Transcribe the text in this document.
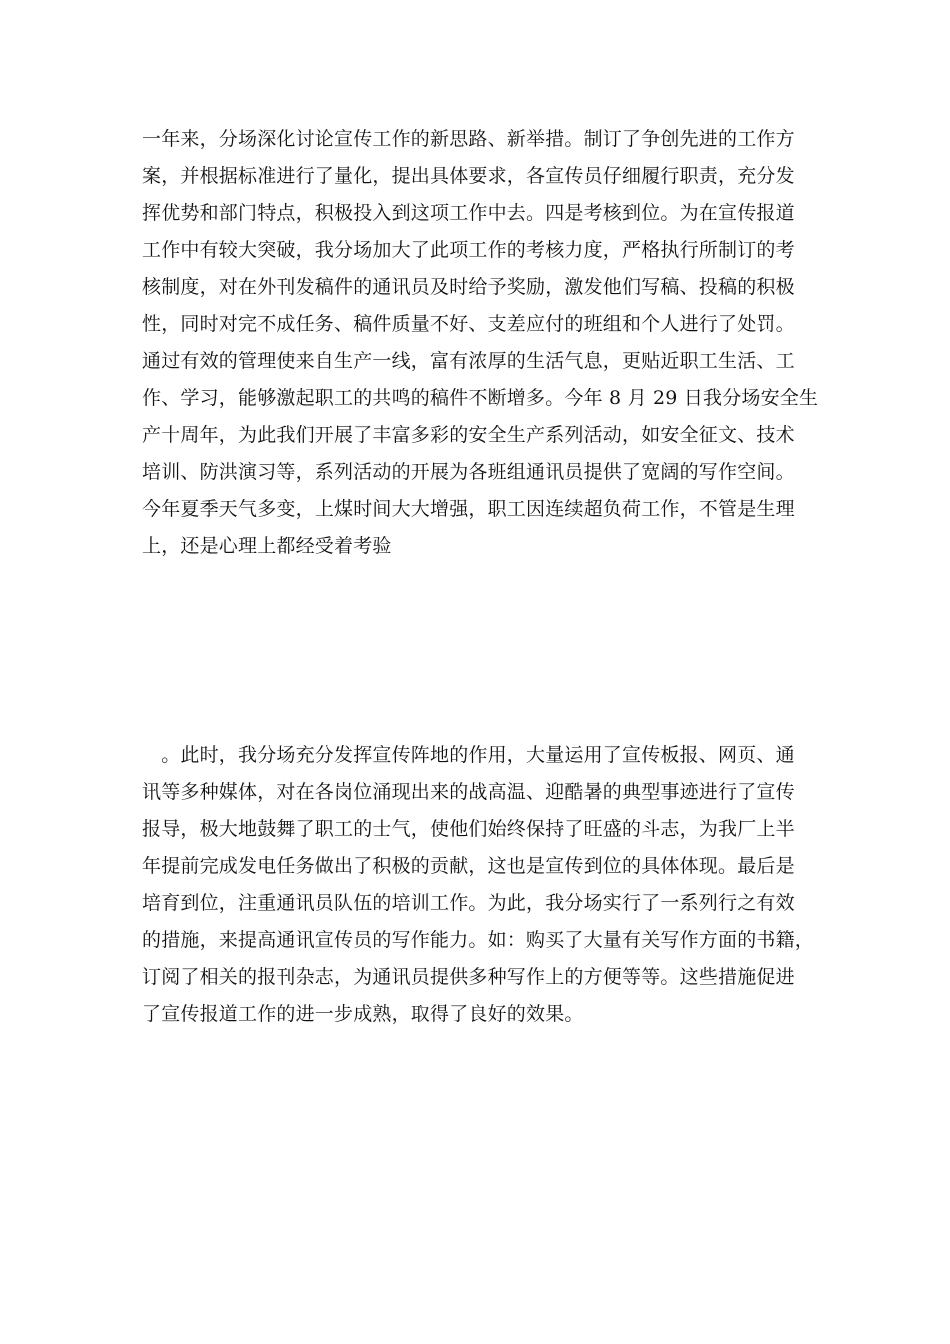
一年来，分场深化讨论宣传工作的新思路、新举措。制订了争创先进的工作方
案，并根据标准进行了量化，提出具体要求，各宣传员仔细履行职责，充分发
挥优势和部门特点，积极投入到这项工作中去。四是考核到位。为在宣传报道
工作中有较大突破，我分场加大了此项工作的考核力度，严格执行所制订的考
核制度，对在外刊发稿件的通讯员及时给予奖励，激发他们写稿、投稿的积极
性，同时对完不成任务、稿件质量不好、支差应付的班组和个人进行了处罚。
通过有效的管理使来自生产一线，富有浓厚的生活气息，更贴近职工生活、工
作、学习，能够激起职工的共鸣的稿件不断增多。今年 8 月 29 日我分场安全生
产十周年，为此我们开展了丰富多彩的安全生产系列活动，如安全征文、技术
培训、防洪演习等，系列活动的开展为各班组通讯员提供了宽阔的写作空间。
今年夏季天气多变，上煤时间大大增强，职工因连续超负荷工作，不管是生理
上，还是心理上都经受着考验
　。此时，我分场充分发挥宣传阵地的作用，大量运用了宣传板报、网页、通
讯等多种媒体，对在各岗位涌现出来的战高温、迎酷暑的典型事迹进行了宣传
报导，极大地鼓舞了职工的士气，使他们始终保持了旺盛的斗志，为我厂上半
年提前完成发电任务做出了积极的贡献，这也是宣传到位的具体体现。最后是
培育到位，注重通讯员队伍的培训工作。为此，我分场实行了一系列行之有效
的措施，来提高通讯宣传员的写作能力。如：购买了大量有关写作方面的书籍，
订阅了相关的报刊杂志，为通讯员提供多种写作上的方便等等。这些措施促进
了宣传报道工作的进一步成熟，取得了良好的效果。
